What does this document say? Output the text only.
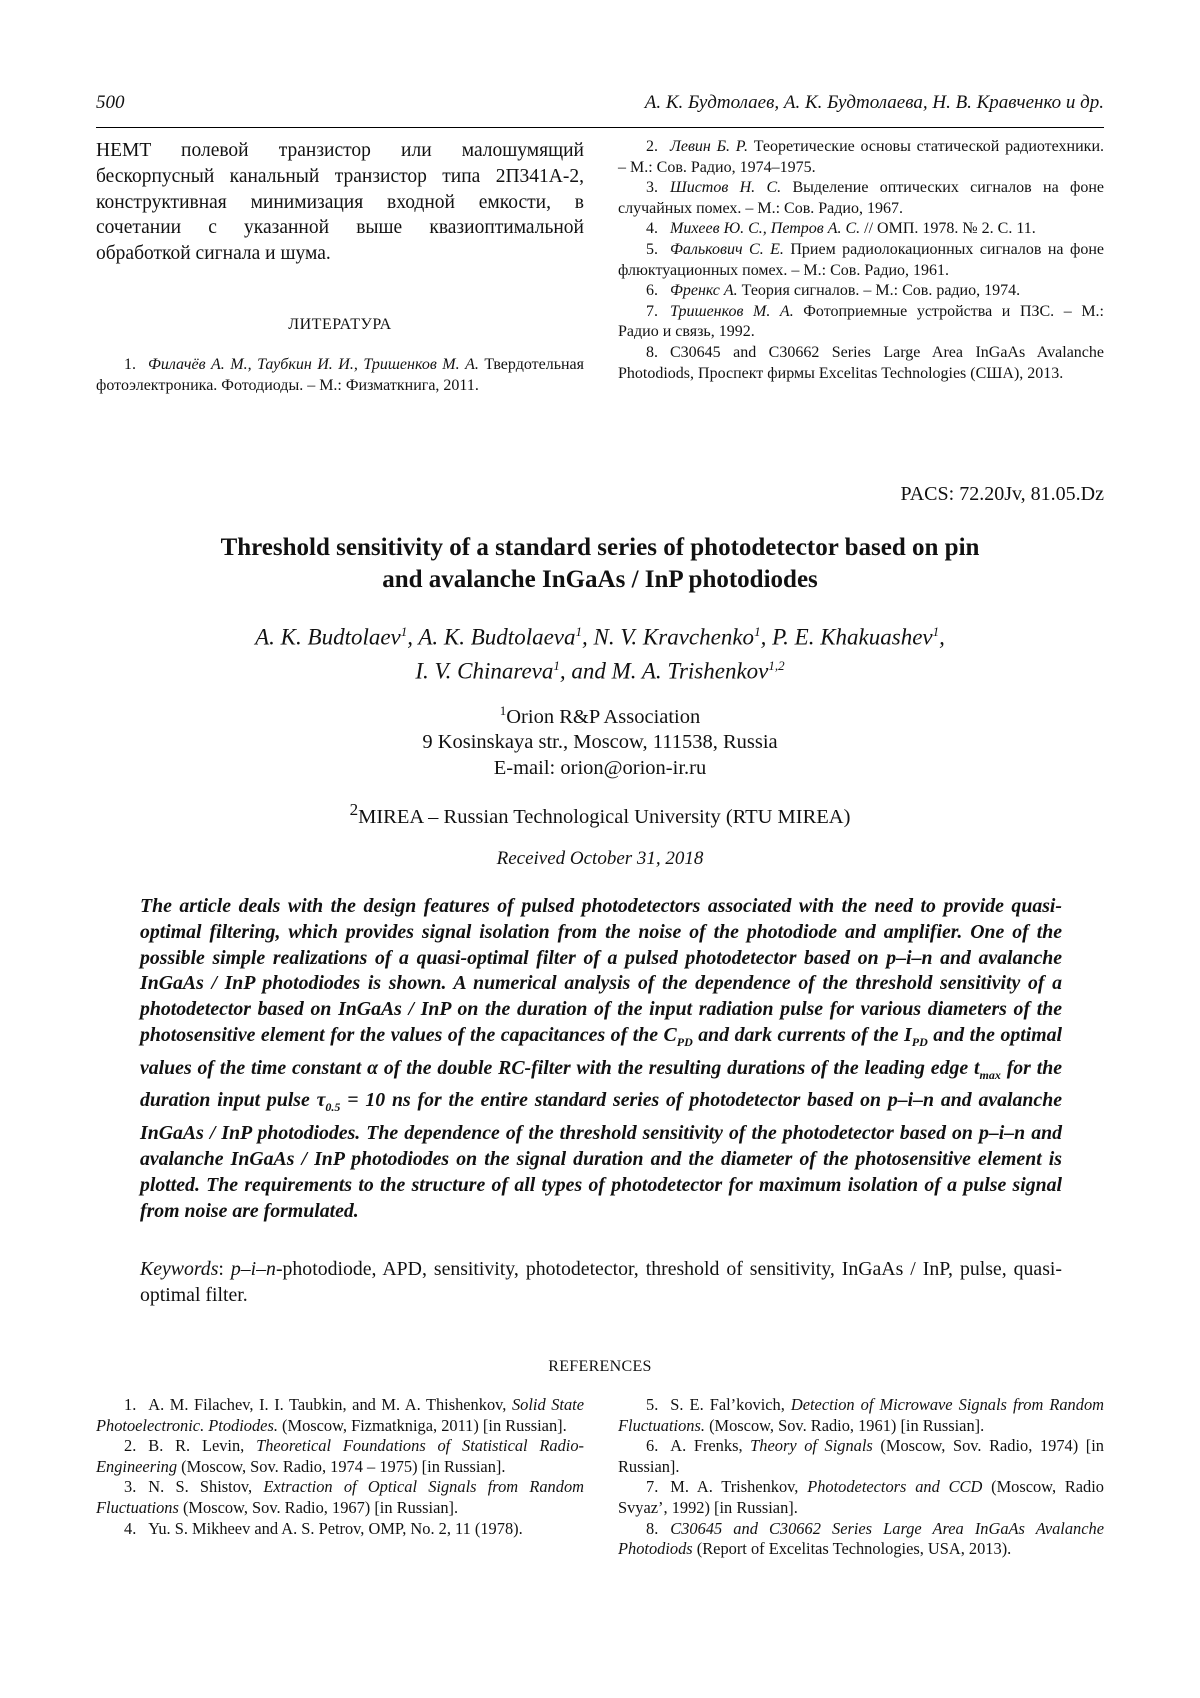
500	А. К. Будтолаев, А. К. Будтолаева, Н. В. Кравченко и др.

HEMT полевой транзистор или малошумящий бескорпусный канальный транзистор типа 2П341А-2, конструктивная минимизация входной емкости, в сочетании с указанной выше квазиоптимальной обработкой сигнала и шума.

ЛИТЕРАТУРА

1. Филачёв А. М., Таубкин И. И., Тришенков М. А. Твердотельная фотоэлектроника. Фотодиоды. – М.: Физматкнига, 2011.

2. Левин Б. Р. Теоретические основы статической радиотехники. – М.: Сов. Радио, 1974–1975.

3. Шистов Н. С. Выделение оптических сигналов на фоне случайных помех. – М.: Сов. Радио, 1967.

4. Михеев Ю. С., Петров А. С. // ОМП. 1978. № 2. С. 11.

5. Фалькович С. Е. Прием радиолокационных сигналов на фоне флюктуационных помех. – М.: Сов. Радио, 1961.

6. Френкс А. Теория сигналов. – М.: Сов. радио, 1974.

7. Тришенков М. А. Фотоприемные устройства и ПЗС. – М.: Радио и связь, 1992.

8. C30645 and C30662 Series Large Area InGaAs Avalanche Photodiods, Проспект фирмы Excelitas Technologies (США), 2013.

PACS: 72.20Jv, 81.05.Dz
Threshold sensitivity of a standard series of photodetector based on pin
and avalanche InGaAs / InP photodiodes
A. K. Budtolaev$^1$, A. K. Budtolaeva$^1$, N. V. Kravchenko$^1$, P. E. Khakuashev$^1$,
I. V. Chinareva$^1$, and M. A. Trishenkov$^{1,2}$

$^1$Orion R&P Association

9 Kosinskaya str., Moscow, 111538, Russia

E-mail: orion@orion-ir.ru

$^2$MIREA – Russian Technological University (RTU MIREA)
Received October 31, 2018

The article deals with the design features of pulsed photodetectors associated with the need to provide quasi-optimal filtering, which provides signal isolation from the noise of the photodiode and amplifier. One of the possible simple realizations of a quasi-optimal filter of a pulsed photodetector based on p–i–n and avalanche InGaAs / InP photodiodes is shown. A numerical analysis of the dependence of the threshold sensitivity of a photodetector based on InGaAs / InP on the duration of the input radiation pulse for various diameters of the photosensitive element for the values of the capacitances of the $C_{PD}$ and dark currents of the $I_{PD}$ and the optimal values of the time constant α of the double RC-filter with the resulting durations of the leading edge $t_{max}$ for the duration input pulse $\tau_{0.5} = 10$ ns for the entire standard series of photodetector based on p–i–n and avalanche InGaAs / InP photodiodes. The dependence of the threshold sensitivity of the photodetector based on p–i–n and avalanche InGaAs / InP photodiodes on the signal duration and the diameter of the photosensitive element is plotted. The requirements to the structure of all types of photodetector for maximum isolation of a pulse signal from noise are formulated.

Keywords: p–i–n-photodiode, APD, sensitivity, photodetector, threshold of sensitivity, InGaAs / InP, pulse, quasi-optimal filter.

REFERENCES

1. A. M. Filachev, I. I. Taubkin, and M. A. Thishenkov, Solid State Photoelectronic. Ptodiodes. (Moscow, Fizmatkniga, 2011) [in Russian].

2. B. R. Levin, Theoretical Foundations of Statistical Radio-Engineering (Moscow, Sov. Radio, 1974 – 1975) [in Russian].

3. N. S. Shistov, Extraction of Optical Signals from Random Fluctuations (Moscow, Sov. Radio, 1967) [in Russian].

4. Yu. S. Mikheev and A. S. Petrov, OMP, No. 2, 11 (1978).

5. S. E. Fal’kovich, Detection of Microwave Signals from Random Fluctuations. (Moscow, Sov. Radio, 1961) [in Russian].

6. A. Frenks, Theory of Signals (Moscow, Sov. Radio, 1974) [in Russian].

7. M. A. Trishenkov, Photodetectors and CCD (Moscow, Radio Svyaz’, 1992) [in Russian].

8. C30645 and C30662 Series Large Area InGaAs Avalanche Photodiods (Report of Excelitas Technologies, USA, 2013).
